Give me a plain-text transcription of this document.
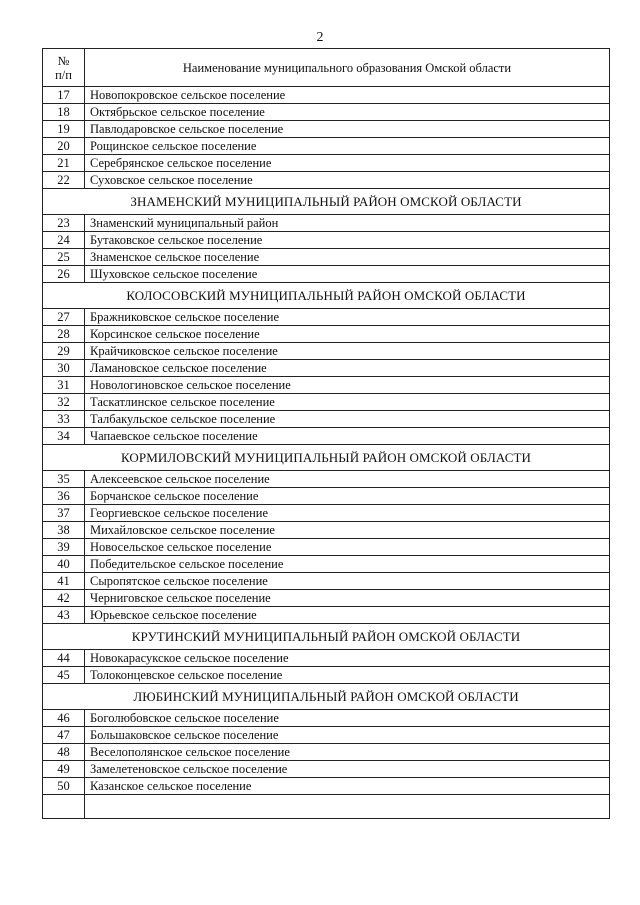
2
№
п/п	Наименование муниципального образования Омской области
17	Новопокровское сельское поселение
18	Октябрьское сельское поселение
19	Павлодаровское сельское поселение
20	Рощинское сельское поселение
21	Серебрянское сельское поселение
22	Суховское сельское поселение
ЗНАМЕНСКИЙ МУНИЦИПАЛЬНЫЙ РАЙОН ОМСКОЙ ОБЛАСТИ	
23	Знаменский муниципальный район
24	Бутаковское сельское поселение
25	Знаменское сельское поселение
26	Шуховское сельское поселение
КОЛОСОВСКИЙ МУНИЦИПАЛЬНЫЙ РАЙОН ОМСКОЙ ОБЛАСТИ	
27	Бражниковское сельское поселение
28	Корсинское сельское поселение
29	Крайчиковское сельское поселение
30	Ламановское сельское поселение
31	Новологиновское сельское поселение
32	Таскатлинское сельское поселение
33	Талбакульское сельское поселение
34	Чапаевское сельское поселение
КОРМИЛОВСКИЙ МУНИЦИПАЛЬНЫЙ РАЙОН ОМСКОЙ ОБЛАСТИ	
35	Алексеевское сельское поселение
36	Борчанское сельское поселение
37	Георгиевское сельское поселение
38	Михайловское сельское поселение
39	Новосельское сельское поселение
40	Победительское сельское поселение
41	Сыропятское сельское поселение
42	Черниговское сельское поселение
43	Юрьевское сельское поселение
КРУТИНСКИЙ МУНИЦИПАЛЬНЫЙ РАЙОН ОМСКОЙ ОБЛАСТИ	
44	Новокарасукское сельское поселение
45	Толоконцевское сельское поселение
ЛЮБИНСКИЙ МУНИЦИПАЛЬНЫЙ РАЙОН ОМСКОЙ ОБЛАСТИ	
46	Боголюбовское сельское поселение
47	Большаковское сельское поселение
48	Веселополянское сельское поселение
49	Замелетеновское сельское поселение
50	Казанское сельское поселение
